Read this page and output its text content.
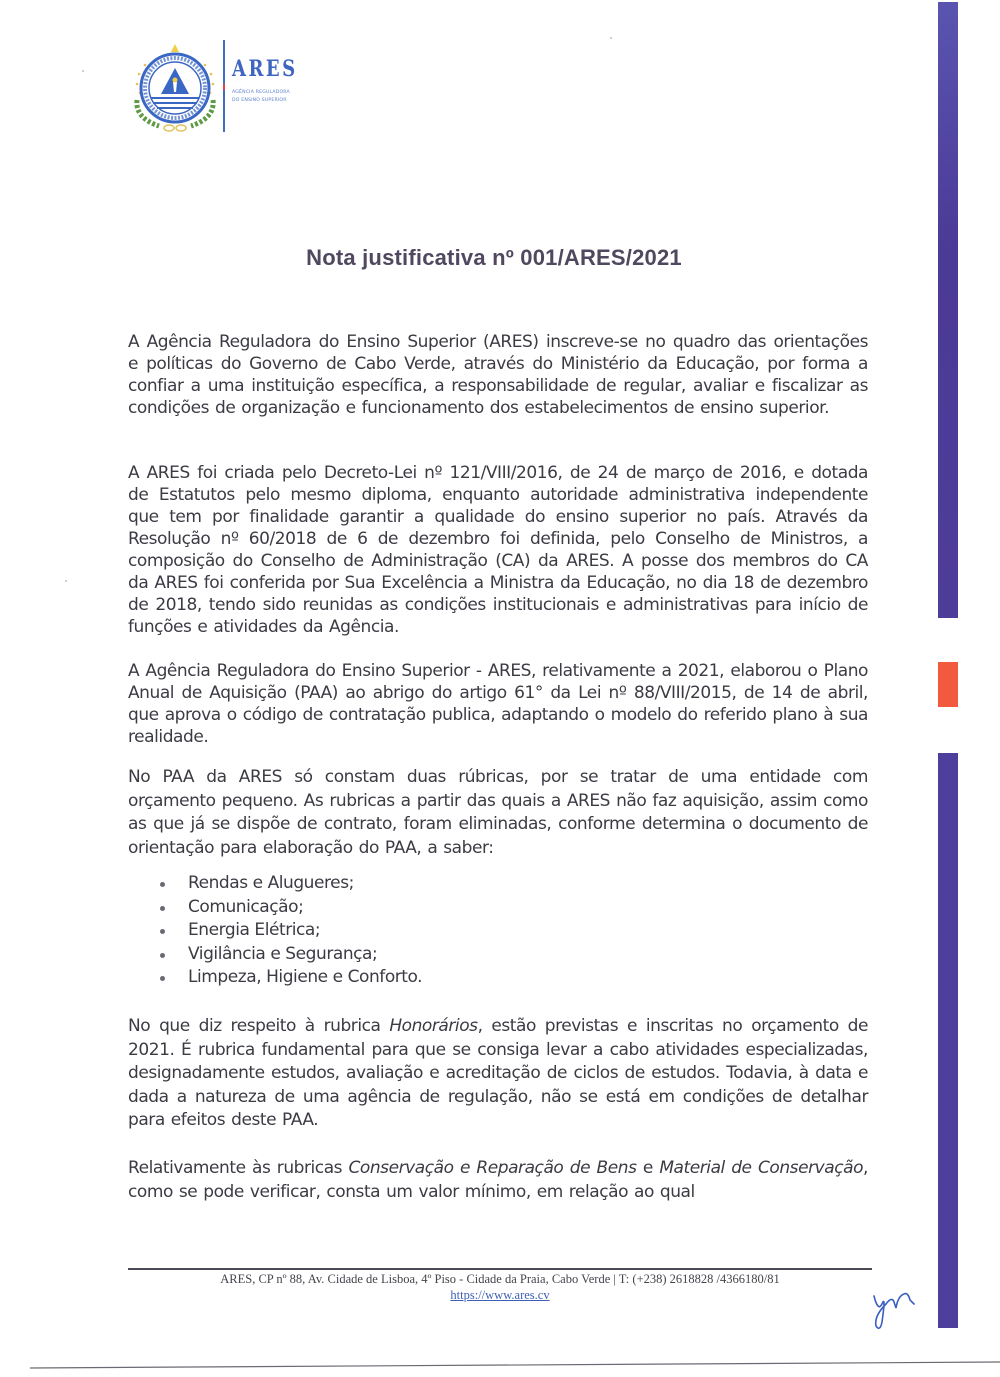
ARES
AGÊNCIA REGULADORA
DO ENSINO SUPERIOR
Nota justificativa nº 001/ARES/2021

A Agência Reguladora do Ensino Superior (ARES) inscreve-se no quadro das orientações e políticas do Governo de Cabo Verde, através do Ministério da Educação, por forma a confiar a uma instituição específica, a responsabilidade de regular, avaliar e fiscalizar as condições de organização e funcionamento dos estabelecimentos de ensino superior.

A ARES foi criada pelo Decreto-Lei nº 121/VIII/2016, de 24 de março de 2016, e dotada de Estatutos pelo mesmo diploma, enquanto autoridade administrativa independente que tem por finalidade garantir a qualidade do ensino superior no país. Através da Resolução nº 60/2018 de 6 de dezembro foi definida, pelo Conselho de Ministros, a composição do Conselho de Administração (CA) da ARES. A posse dos membros do CA da ARES foi conferida por Sua Excelência a Ministra da Educação, no dia 18 de dezembro de 2018, tendo sido reunidas as condições institucionais e administrativas para início de funções e atividades da Agência.

A Agência Reguladora do Ensino Superior - ARES, relativamente a 2021, elaborou o Plano Anual de Aquisição (PAA) ao abrigo do artigo 61° da Lei nº 88/VIII/2015, de 14 de abril, que aprova o código de contratação publica, adaptando o modelo do referido plano à sua realidade.

No PAA da ARES só constam duas rúbricas, por se tratar de uma entidade com orçamento pequeno. As rubricas a partir das quais a ARES não faz aquisição, assim como as que já se dispõe de contrato, foram eliminadas, conforme determina o documento de orientação para elaboração do PAA, a saber:

Rendas e Alugueres;
Comunicação;
Energia Elétrica;
Vigilância e Segurança;
Limpeza, Higiene e Conforto.

No que diz respeito à rubrica Honorários, estão previstas e inscritas no orçamento de 2021. É rubrica fundamental para que se consiga levar a cabo atividades especializadas, designadamente estudos, avaliação e acreditação de ciclos de estudos. Todavia, à data e dada a natureza de uma agência de regulação, não se está em condições de detalhar para efeitos deste PAA.

Relativamente às rubricas Conservação e Reparação de Bens e Material de Conservação, como se pode verificar, consta um valor mínimo, em relação ao qual

ARES, CP nº 88, Av. Cidade de Lisboa, 4º Piso - Cidade da Praia, Cabo Verde | T: (+238) 2618828 /4366180/81
https://www.ares.cv
